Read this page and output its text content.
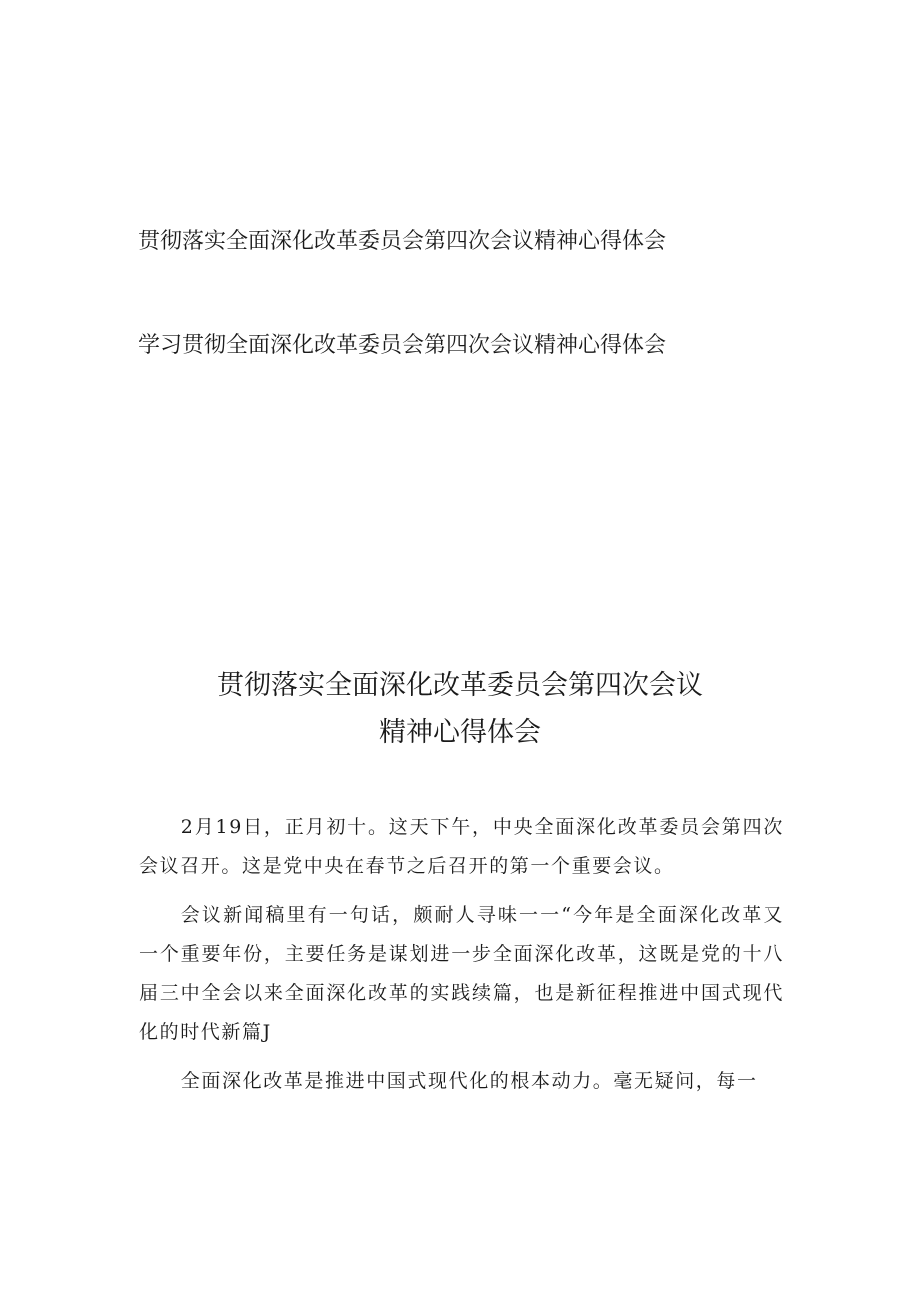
贯彻落实全面深化改革委员会第四次会议精神心得体会
学习贯彻全面深化改革委员会第四次会议精神心得体会
贯彻落实全面深化改革委员会第四次会议
精神心得体会

2月19日，正月初十。这天下午，中央全面深化改革委员会第四次会议召开。这是党中央在春节之后召开的第一个重要会议。

会议新闻稿里有一句话，颇耐人寻味一一“今年是全面深化改革又一个重要年份，主要任务是谋划进一步全面深化改革，这既是党的十八届三中全会以来全面深化改革的实践续篇，也是新征程推进中国式现代化的时代新篇J

全面深化改革是推进中国式现代化的根本动力。毫无疑问，每一
